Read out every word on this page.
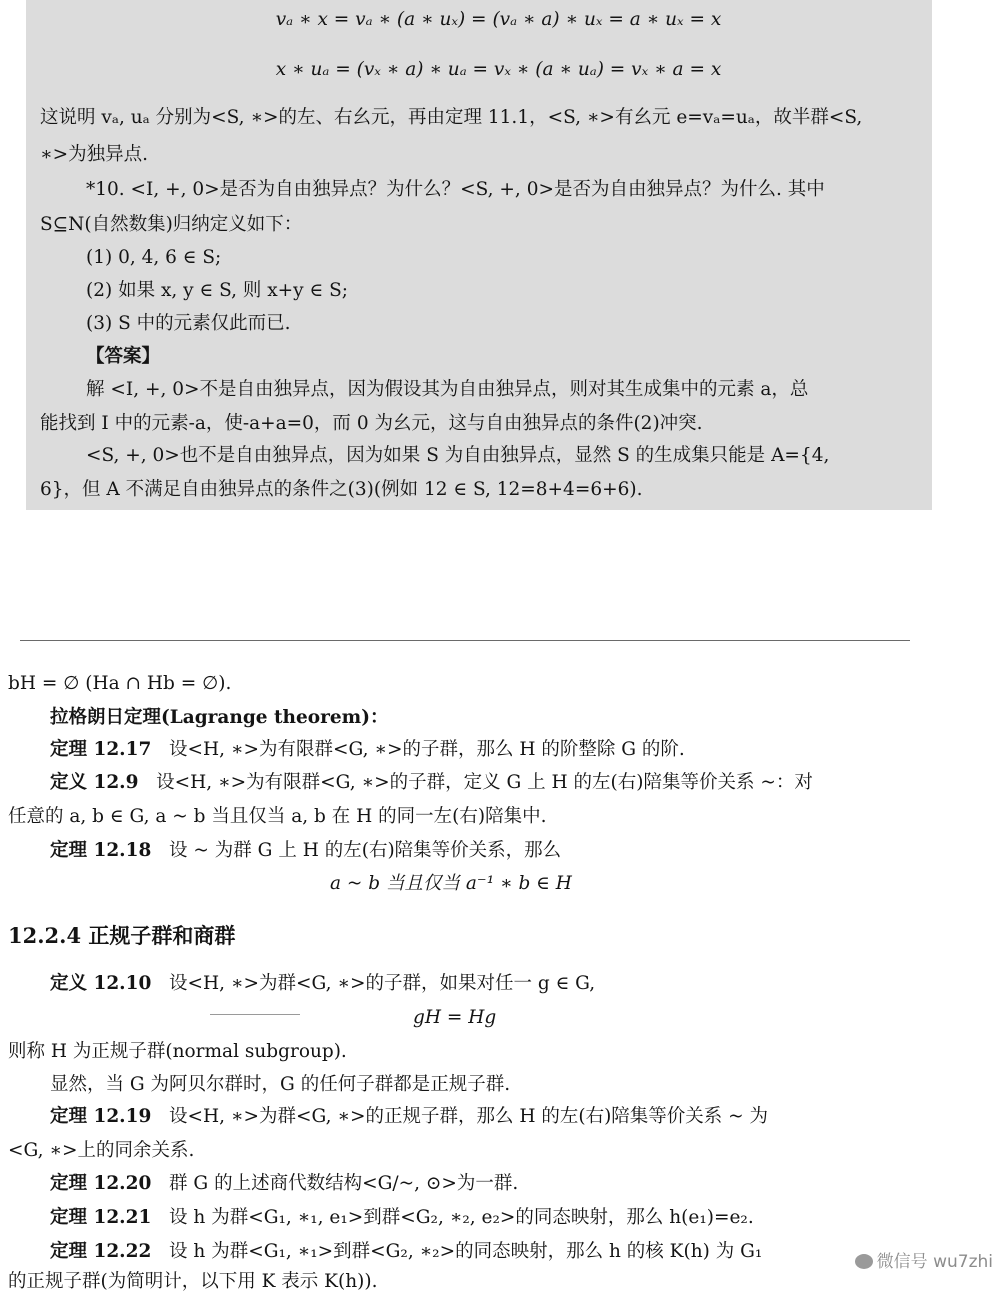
vₐ ∗ x = vₐ ∗ (a ∗ uₓ) = (vₐ ∗ a) ∗ uₓ = a ∗ uₓ = x
x ∗ uₐ = (vₓ ∗ a) ∗ uₐ = vₓ ∗ (a ∗ uₐ) = vₓ ∗ a = x
这说明 vₐ, uₐ 分别为<S, ∗>的左、右幺元，再由定理 11.1，<S, ∗>有幺元 e=vₐ=uₐ，故半群<S,
∗>为独异点.
*10. <I, +, 0>是否为自由独异点？为什么？<S, +, 0>是否为自由独异点？为什么. 其中
S⊆N(自然数集)归纳定义如下：
(1) 0, 4, 6 ∈ S;
(2) 如果 x, y ∈ S, 则 x+y ∈ S;
(3) S 中的元素仅此而已.
【答案】
解 <I, +, 0>不是自由独异点，因为假设其为自由独异点，则对其生成集中的元素 a，总
能找到 I 中的元素-a，使-a+a=0，而 0 为幺元，这与自由独异点的条件(2)冲突.
<S, +, 0>也不是自由独异点，因为如果 S 为自由独异点，显然 S 的生成集只能是 A={4,
6}，但 A 不满足自由独异点的条件之(3)(例如 12 ∈ S, 12=8+4=6+6).
bH = ∅ (Ha ∩ Hb = ∅).
拉格朗日定理(Lagrange theorem)：
定理 12.17 设<H, ∗>为有限群<G, ∗>的子群，那么 H 的阶整除 G 的阶.
定义 12.9 设<H, ∗>为有限群<G, ∗>的子群，定义 G 上 H 的左(右)陪集等价关系 ~：对
任意的 a, b ∈ G, a ~ b 当且仅当 a, b 在 H 的同一左(右)陪集中.
定理 12.18 设 ~ 为群 G 上 H 的左(右)陪集等价关系，那么
a ~ b 当且仅当 a⁻¹ ∗ b ∈ H
12.2.4 正规子群和商群
定义 12.10 设<H, ∗>为群<G, ∗>的子群，如果对任一 g ∈ G,
gH = Hg
则称 H 为正规子群(normal subgroup).
显然，当 G 为阿贝尔群时，G 的任何子群都是正规子群.
定理 12.19 设<H, ∗>为群<G, ∗>的正规子群，那么 H 的左(右)陪集等价关系 ~ 为
<G, ∗>上的同余关系.
定理 12.20 群 G 的上述商代数结构<G/~, ⊙>为一群.
定理 12.21 设 h 为群<G₁, ∗₁, e₁>到群<G₂, ∗₂, e₂>的同态映射，那么 h(e₁)=e₂.
定理 12.22 设 h 为群<G₁, ∗₁>到群<G₂, ∗₂>的同态映射，那么 h 的核 K(h) 为 G₁
的正规子群(为简明计，以下用 K 表示 K(h)).
微信号 wu7zhi
